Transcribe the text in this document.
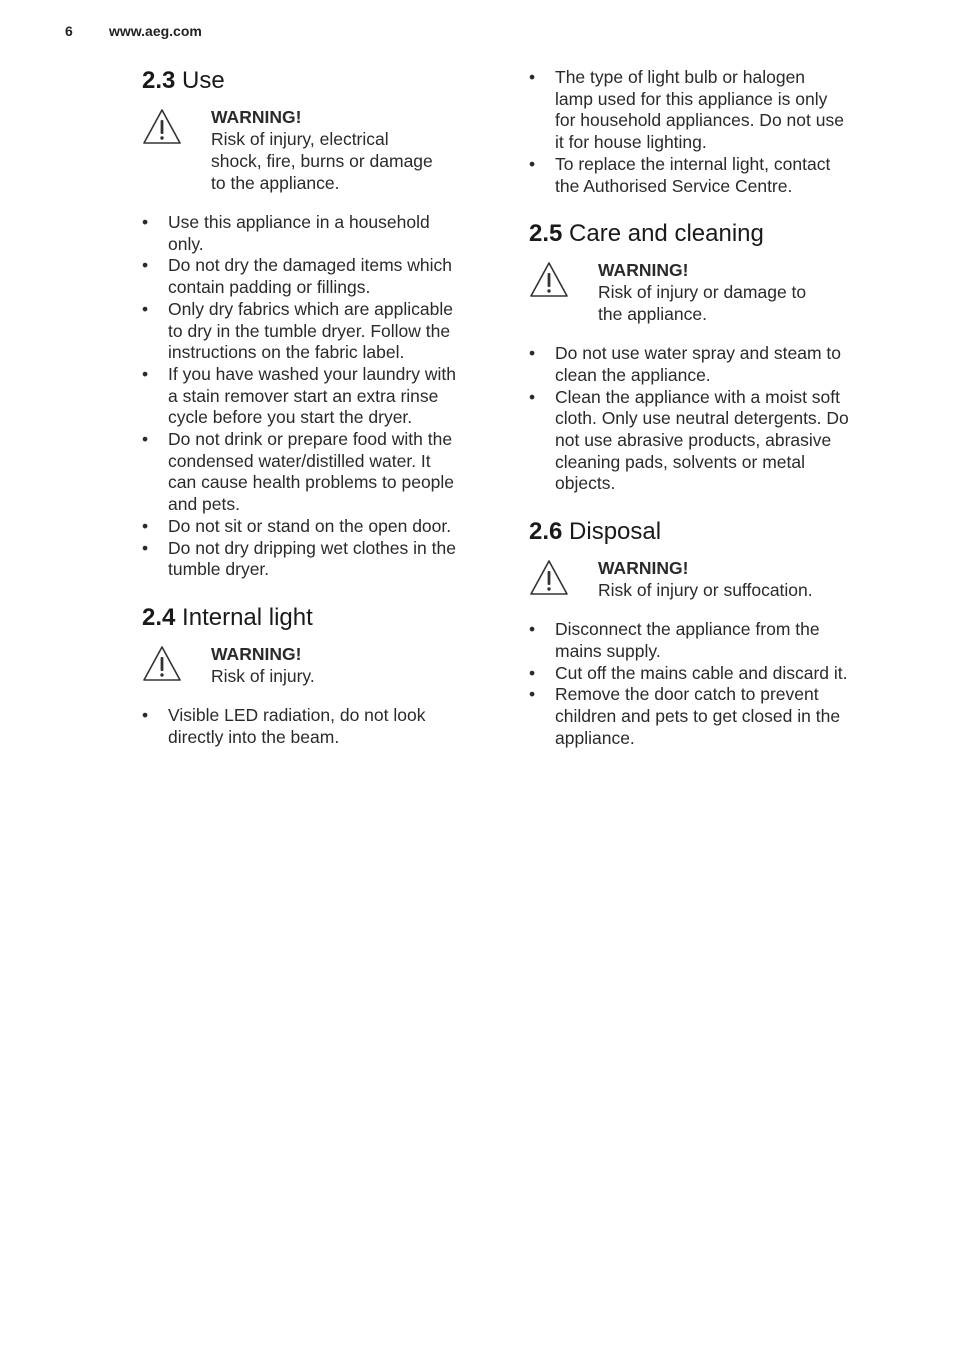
6	www.aeg.com
2.3 Use
WARNING!
Risk of injury, electrical
shock, fire, burns or damage
to the appliance.
• Use this appliance in a household
only.
• Do not dry the damaged items which
contain padding or fillings.
• Only dry fabrics which are applicable
to dry in the tumble dryer. Follow the
instructions on the fabric label.
• If you have washed your laundry with
a stain remover start an extra rinse
cycle before you start the dryer.
• Do not drink or prepare food with the
condensed water/distilled water. It
can cause health problems to people
and pets.
• Do not sit or stand on the open door.
• Do not dry dripping wet clothes in the
tumble dryer.
2.4 Internal light
WARNING!
Risk of injury.
• Visible LED radiation, do not look
directly into the beam.
• The type of light bulb or halogen
lamp used for this appliance is only
for household appliances. Do not use
it for house lighting.
• To replace the internal light, contact
the Authorised Service Centre.
2.5 Care and cleaning
WARNING!
Risk of injury or damage to
the appliance.
• Do not use water spray and steam to
clean the appliance.
• Clean the appliance with a moist soft
cloth. Only use neutral detergents. Do
not use abrasive products, abrasive
cleaning pads, solvents or metal
objects.
2.6 Disposal
WARNING!
Risk of injury or suffocation.
• Disconnect the appliance from the
mains supply.
• Cut off the mains cable and discard it.
• Remove the door catch to prevent
children and pets to get closed in the
appliance.
